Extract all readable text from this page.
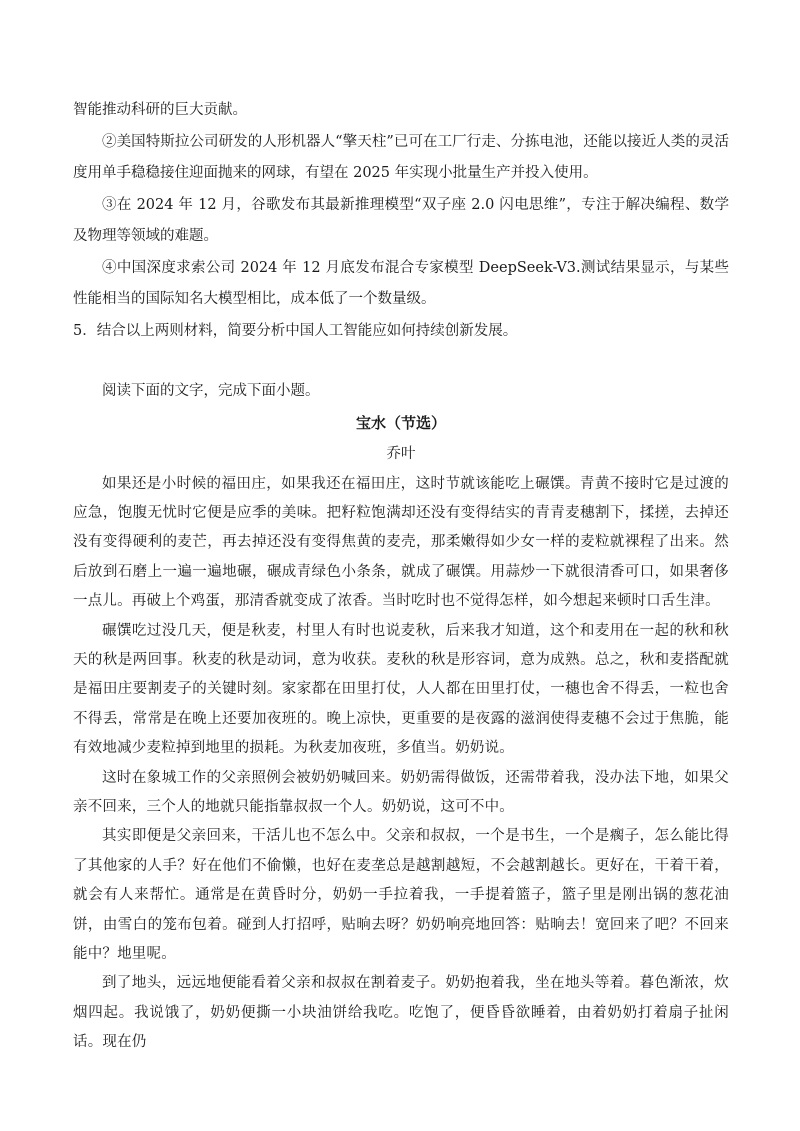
智能推动科研的巨大贡献。

②美国特斯拉公司研发的人形机器人“擎天柱”已可在工厂行走、分拣电池，还能以接近人类的灵活度用单手稳稳接住迎面抛来的网球，有望在 2025 年实现小批量生产并投入使用。

③在 2024 年 12 月，谷歌发布其最新推理模型“双子座 2.0 闪电思维”，专注于解决编程、数学及物理等领域的难题。

④中国深度求索公司 2024 年 12 月底发布混合专家模型 DeepSeek-V3.测试结果显示，与某些性能相当的国际知名大模型相比，成本低了一个数量级。

5．结合以上两则材料，简要分析中国人工智能应如何持续创新发展。

阅读下面的文字，完成下面小题。

宝水（节选）

乔叶

如果还是小时候的福田庄，如果我还在福田庄，这时节就该能吃上碾馔。青黄不接时它是过渡的应急，饱腹无忧时它便是应季的美味。把籽粒饱满却还没有变得结实的青青麦穗割下，揉搓，去掉还没有变得硬利的麦芒，再去掉还没有变得焦黄的麦壳，那柔嫩得如少女一样的麦粒就裸程了出来。然后放到石磨上一遍一遍地碾，碾成青绿色小条条，就成了碾馔。用蒜炒一下就很清香可口，如果奢侈一点儿。再破上个鸡蛋，那清香就变成了浓香。当时吃时也不觉得怎样，如今想起来顿时口舌生津。

碾馔吃过没几天，便是秋麦，村里人有时也说麦秋，后来我才知道，这个和麦用在一起的秋和秋天的秋是两回事。秋麦的秋是动词，意为收获。麦秋的秋是形容词，意为成熟。总之，秋和麦搭配就是福田庄要割麦子的关键时刻。家家都在田里打仗，人人都在田里打仗，一穗也舍不得丢，一粒也舍不得丢，常常是在晚上还要加夜班的。晚上凉快，更重要的是夜露的滋润使得麦穗不会过于焦脆，能有效地减少麦粒掉到地里的损耗。为秋麦加夜班，多值当。奶奶说。

这时在象城工作的父亲照例会被奶奶喊回来。奶奶需得做饭，还需带着我，没办法下地，如果父亲不回来，三个人的地就只能指靠叔叔一个人。奶奶说，这可不中。

其实即便是父亲回来，干活儿也不怎么中。父亲和叔叔，一个是书生，一个是瘸子，怎么能比得了其他家的人手？好在他们不偷懒，也好在麦垄总是越割越短，不会越割越长。更好在，干着干着，就会有人来帮忙。通常是在黄昏时分，奶奶一手拉着我，一手提着篮子，篮子里是刚出锅的葱花油饼，由雪白的笼布包着。碰到人打招呼，贴晌去呀？奶奶响亮地回答：贴晌去！宽回来了吧？不回来能中？地里呢。

到了地头，远远地便能看着父亲和叔叔在割着麦子。奶奶抱着我，坐在地头等着。暮色渐浓，炊烟四起。我说饿了，奶奶便撕一小块油饼给我吃。吃饱了，便昏昏欲睡着，由着奶奶打着扇子扯闲话。现在仍
